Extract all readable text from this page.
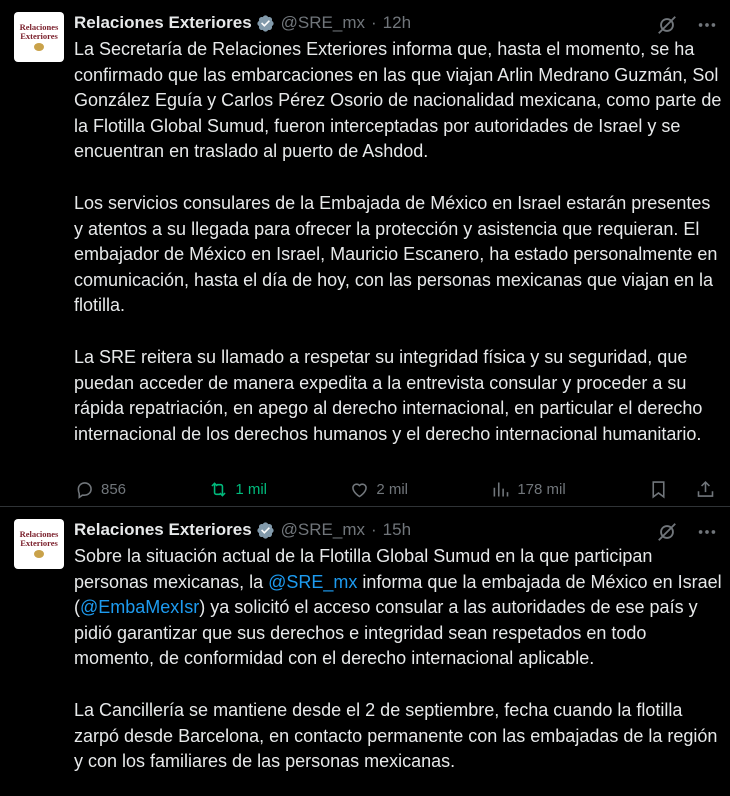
Relaciones
Exteriores
Relaciones Exteriores @SRE_mx · 12h

La Secretaría de Relaciones Exteriores informa que, hasta el momento, se ha confirmado que las embarcaciones en las que viajan Arlin Medrano Guzmán, Sol González Eguía y Carlos Pérez Osorio de nacionalidad mexicana, como parte de la Flotilla Global Sumud, fueron interceptadas por autoridades de Israel y se encuentran en traslado al puerto de Ashdod.

Los servicios consulares de la Embajada de México en Israel estarán presentes y atentos a su llegada para ofrecer la protección y asistencia que requieran. El embajador de México en Israel, Mauricio Escanero, ha estado personalmente en comunicación, hasta el día de hoy, con las personas mexicanas que viajan en la flotilla.

La SRE reitera su llamado a respetar su integridad física y su seguridad, que puedan acceder de manera expedita a la entrevista consular y proceder a su rápida repatriación, en apego al derecho internacional, en particular el derecho internacional de los derechos humanos y el derecho internacional humanitario.

856	1 mil	2 mil	178 mil
Relaciones
Exteriores
Relaciones Exteriores @SRE_mx · 15h

Sobre la situación actual de la Flotilla Global Sumud en la que participan personas mexicanas, la @SRE_mx informa que la embajada de México en Israel (@EmbaMexIsr) ya solicitó el acceso consular a las autoridades de ese país y pidió garantizar que sus derechos e integridad sean respetados en todo momento, de conformidad con el derecho internacional aplicable.

La Cancillería se mantiene desde el 2 de septiembre, fecha cuando la flotilla zarpó desde Barcelona, en contacto permanente con las embajadas de la región y con los familiares de las personas mexicanas.
